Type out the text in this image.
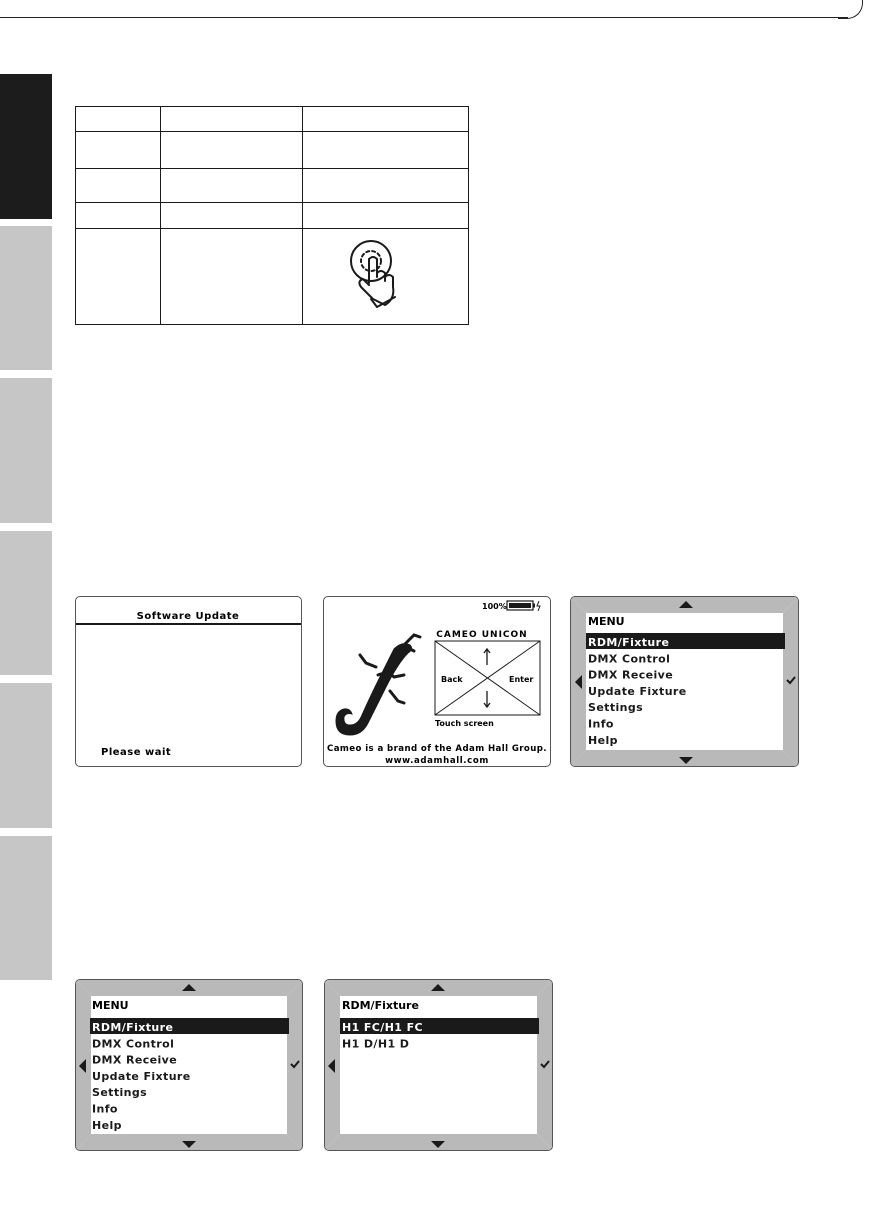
Software Update
Please wait
100%
CAMEO UNICON
Back	Enter
Touch screen
Cameo is a brand of the Adam Hall Group.
www.adamhall.com
MENU
RDM/Fixture
DMX Control
DMX Receive
Update Fixture
Settings
Info
Help
MENU
RDM/Fixture
DMX Control
DMX Receive
Update Fixture
Settings
Info
Help
RDM/Fixture
H1 FC/H1 FC
H1 D/H1 D
